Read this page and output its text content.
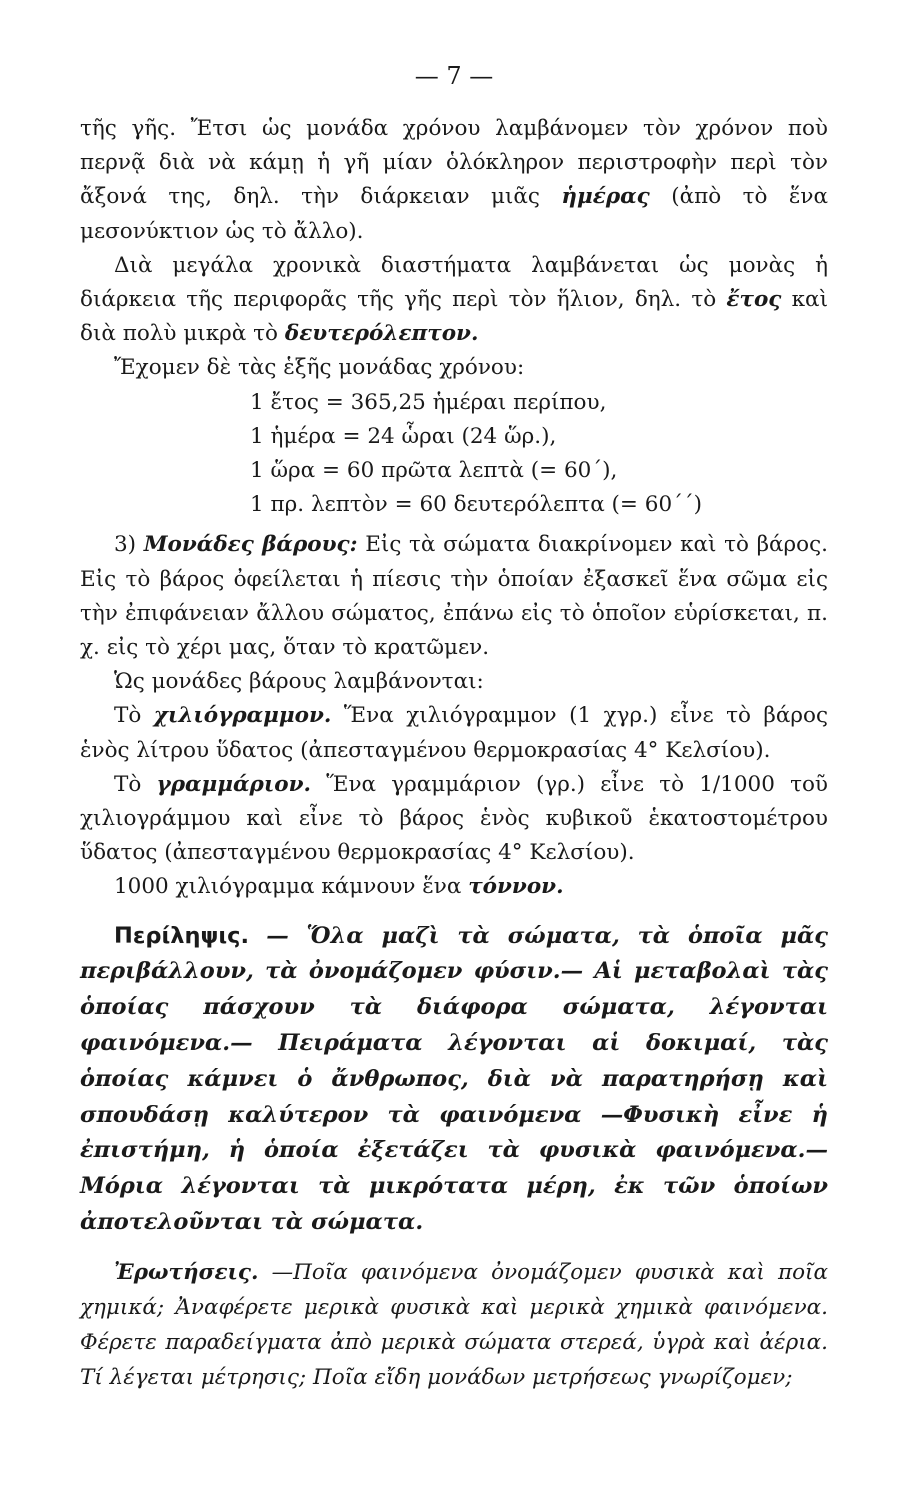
— 7 —

τῆς γῆς. Ἔτσι ὡς μονάδα χρόνου λαμβάνομεν τὸν χρόνον ποὺ περνᾷ διὰ νὰ κάμῃ ἡ γῆ μίαν ὁλόκληρον περιστροφὴν περὶ τὸν ἄξονά της, δηλ. τὴν διάρκειαν μιᾶς ἡμέρας (ἀπὸ τὸ ἕνα μεσονύκτιον ὡς τὸ ἄλλο).

Διὰ μεγάλα χρονικὰ διαστήματα λαμβάνεται ὡς μονὰς ἡ διάρκεια τῆς περιφορᾶς τῆς γῆς περὶ τὸν ἥλιον, δηλ. τὸ ἔτος καὶ διὰ πολὺ μικρὰ τὸ δευτερόλεπτον.

Ἔχομεν δὲ τὰς ἑξῆς μονάδας χρόνου:

1 ἔτος = 365,25 ἡμέραι περίπου,
1 ἡμέρα = 24 ὧραι (24 ὥρ.),
1 ὥρα = 60 πρῶτα λεπτὰ (= 60΄),
1 πρ. λεπτὸν = 60 δευτερόλεπτα (= 60΄΄)

3) Μονάδες βάρους: Εἰς τὰ σώματα διακρίνομεν καὶ τὸ βάρος. Εἰς τὸ βάρος ὀφείλεται ἡ πίεσις τὴν ὁποίαν ἐξασκεῖ ἕνα σῶμα εἰς τὴν ἐπιφάνειαν ἄλλου σώματος, ἐπάνω εἰς τὸ ὁποῖον εὑρίσκεται, π. χ. εἰς τὸ χέρι μας, ὅταν τὸ κρατῶμεν.

Ὡς μονάδες βάρους λαμβάνονται:

Τὸ χιλιόγραμμον. Ἕνα χιλιόγραμμον (1 χγρ.) εἶνε τὸ βάρος ἑνὸς λίτρου ὕδατος (ἀπεσταγμένου θερμοκρασίας 4° Κελσίου).

Τὸ γραμμάριον. Ἕνα γραμμάριον (γρ.) εἶνε τὸ 1/1000 τοῦ χιλιογράμμου καὶ εἶνε τὸ βάρος ἑνὸς κυβικοῦ ἑκατοστομέτρου ὕδατος (ἀπεσταγμένου θερμοκρασίας 4° Κελσίου).

1000 χιλιόγραμμα κάμνουν ἕνα τόννον.

Περίληψις. — Ὅλα μαζὶ τὰ σώματα, τὰ ὁποῖα μᾶς περιβάλλουν, τὰ ὀνομάζομεν φύσιν.— Αἱ μεταβολαὶ τὰς ὁποίας πάσχουν τὰ διάφορα σώματα, λέγονται φαινόμενα.— Πειράματα λέγονται αἱ δοκιμαί, τὰς ὁποίας κάμνει ὁ ἄνθρωπος, διὰ νὰ παρατηρήσῃ καὶ σπουδάσῃ καλύτερον τὰ φαινόμενα —Φυσικὴ εἶνε ἡ ἐπιστήμη, ἡ ὁποία ἐξετάζει τὰ φυσικὰ φαινόμενα.— Μόρια λέγονται τὰ μικρότατα μέρη, ἐκ τῶν ὁποίων ἀποτελοῦνται τὰ σώματα.

Ἐρωτήσεις. —Ποῖα φαινόμενα ὀνομάζομεν φυσικὰ καὶ ποῖα χημικά; Ἀναφέρετε μερικὰ φυσικὰ καὶ μερικὰ χημικὰ φαινόμενα. Φέρετε παραδείγματα ἀπὸ μερικὰ σώματα στερεά, ὑγρὰ καὶ ἀέρια. Τί λέγεται μέτρησις; Ποῖα εἴδη μονάδων μετρήσεως γνωρίζομεν;
